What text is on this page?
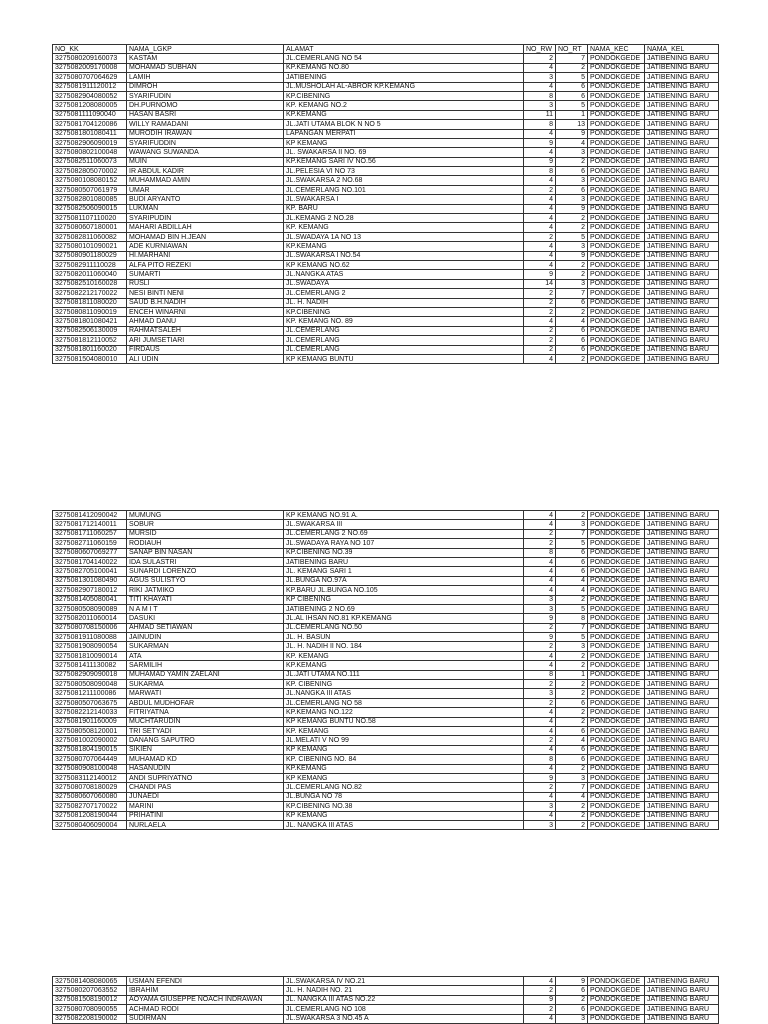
NO_KK	NAMA_LGKP	ALAMAT	NO_RW	NO_RT	NAMA_KEC	NAMA_KEL
3275080209160073	KASTAM	JL.CEMERLANG NO 54	2	7	PONDOKGEDE	JATIBENING BARU
3275082009170008	MOHAMAD SUBHAN	KP.KEMANG NO.80	4	2	PONDOKGEDE	JATIBENING BARU
3275080707064629	LAMIH	JATIBENING	3	5	PONDOKGEDE	JATIBENING BARU
3275081911120012	DIMROH	JL.MUSHOLAH AL-ABROR KP.KEMANG	4	6	PONDOKGEDE	JATIBENING BARU
3275082904080052	SYARIFUDIN	KP.CIBENING	8	6	PONDOKGEDE	JATIBENING BARU
3275081208080005	DH.PURNOMO	KP. KEMANG NO.2	3	5	PONDOKGEDE	JATIBENING BARU
3275081111090040	HASAN BASRI	KP.KEMANG	11	1	PONDOKGEDE	JATIBENING BARU
3275081704120086	WILLY RAMADANI	JL.JATI UTAMA BLOK N NO 5	8	13	PONDOKGEDE	JATIBENING BARU
3275081801080411	MURODIH IRAWAN	LAPANGAN MERPATI	4	9	PONDOKGEDE	JATIBENING BARU
3275082906090019	SYARIFUDDIN	KP KEMANG	9	4	PONDOKGEDE	JATIBENING BARU
3275080802100048	WAWANG SUWANDA	JL. SWAKARSA II NO. 69	4	3	PONDOKGEDE	JATIBENING BARU
3275082511060073	MUIN	KP.KEMANG SARI IV NO.56	9	2	PONDOKGEDE	JATIBENING BARU
3275082805070002	IR ABDUL KADIR	JL.PELESIA VI NO 73	8	6	PONDOKGEDE	JATIBENING BARU
3275080108080152	MUHAMMAD AMIN	JL.SWAKARSA 2 NO.68	4	3	PONDOKGEDE	JATIBENING BARU
3275080507061979	UMAR	JL.CEMERLANG NO.101	2	6	PONDOKGEDE	JATIBENING BARU
3275082801080085	BUDI ARYANTO	JL.SWAKARSA I	4	3	PONDOKGEDE	JATIBENING BARU
3275082506090015	LUKMAN	KP. BARU	4	9	PONDOKGEDE	JATIBENING BARU
3275081107110020	SYARIPUDIN	JL.KEMANG 2 NO.28	4	2	PONDOKGEDE	JATIBENING BARU
3275080607180001	MAHARI ABDILLAH	KP. KEMANG	4	2	PONDOKGEDE	JATIBENING BARU
3275082811060082	MOHAMAD BIN H.JEAN	JL.SWADAYA 1A NO 13	2	5	PONDOKGEDE	JATIBENING BARU
3275080101090021	ADE KURNIAWAN	KP.KEMANG	4	3	PONDOKGEDE	JATIBENING BARU
3275080901180029	HI.MARHANI	JL.SWAKARSA I NO.54	4	9	PONDOKGEDE	JATIBENING BARU
3275082911110028	ALFA PITO REZEKI	KP KEMANG NO.62	4	2	PONDOKGEDE	JATIBENING BARU
3275082011060040	SUMARTI	JL.NANGKA ATAS	9	2	PONDOKGEDE	JATIBENING BARU
3275082510160028	RUSLI	JL.SWADAYA	14	3	PONDOKGEDE	JATIBENING BARU
3275082212170022	NESI BINTI NENI	JL.CEMERLANG 2	2	7	PONDOKGEDE	JATIBENING BARU
3275081811080020	SAUD B.H.NADIH	JL. H. NADIH	2	6	PONDOKGEDE	JATIBENING BARU
3275080811090019	ENCEH WINARNI	KP.CIBENING	2	2	PONDOKGEDE	JATIBENING BARU
3275081801080421	AHMAD DANU	KP. KEMANG NO. 89	4	4	PONDOKGEDE	JATIBENING BARU
3275082506130009	RAHMATSALEH	JL.CEMERLANG	2	6	PONDOKGEDE	JATIBENING BARU
3275081812110052	ARI JUMSETIARI	JL.CEMERLANG	2	6	PONDOKGEDE	JATIBENING BARU
3275081801160020	FIRDAUS	JL.CEMERLANG	2	6	PONDOKGEDE	JATIBENING BARU
3275081504080010	ALI UDIN	KP KEMANG BUNTU	4	2	PONDOKGEDE	JATIBENING BARU
3275081412090042	MUMUNG	KP KEMANG NO.91 A.	4	2	PONDOKGEDE	JATIBENING BARU
3275081712140011	SOBUR	JL.SWAKARSA III	4	3	PONDOKGEDE	JATIBENING BARU
3275081711060257	MURSID	JL.CEMERLANG 2 NO.69	2	7	PONDOKGEDE	JATIBENING BARU
3275082711060159	RODIAUH	JL.SWADAYA RAYA NO 107	2	5	PONDOKGEDE	JATIBENING BARU
3275080607069277	SANAP BIN NASAN	KP.CIBENING NO.39	8	6	PONDOKGEDE	JATIBENING BARU
3275081704140022	IDA SULASTRI	JATIBENING BARU	4	6	PONDOKGEDE	JATIBENING BARU
3275082705100041	SUNARDI LORENZO	JL. KEMANG SARI 1	4	6	PONDOKGEDE	JATIBENING BARU
3275081301080490	AGUS SULISTYO	JL.BUNGA NO.97A	4	4	PONDOKGEDE	JATIBENING BARU
3275082907180012	RIKI JATMIKO	KP.BARU JL.BUNGA NO.105	4	4	PONDOKGEDE	JATIBENING BARU
3275081405080041	TITI KHAYATI	KP CIBENING	3	2	PONDOKGEDE	JATIBENING BARU
3275080508090089	N A M I T	JATIBENING 2 NO.69	3	5	PONDOKGEDE	JATIBENING BARU
3275082011060014	DASUKI	JL.AL IHSAN NO.81 KP.KEMANG	9	8	PONDOKGEDE	JATIBENING BARU
3275080708150006	AHMAD SETIAWAN	JL.CEMERLANG NO.50	2	7	PONDOKGEDE	JATIBENING BARU
3275081911080088	JAINUDIN	JL. H. BASUN	9	5	PONDOKGEDE	JATIBENING BARU
3275081908090054	SUKARMAN	JL. H. NADIH II NO. 184	2	3	PONDOKGEDE	JATIBENING BARU
3275081810090014	ATA	KP. KEMANG	4	2	PONDOKGEDE	JATIBENING BARU
3275081411130082	SARMILIH	KP.KEMANG	4	2	PONDOKGEDE	JATIBENING BARU
3275082909090018	MUHAMAD YAMIN ZAELANI	JL.JATI UTAMA NO.111	8	1	PONDOKGEDE	JATIBENING BARU
3275080508090048	SUKARMA	KP. CIBENING	2	2	PONDOKGEDE	JATIBENING BARU
3275081211100086	MARWATI	JL.NANGKA III ATAS	3	2	PONDOKGEDE	JATIBENING BARU
3275080507063675	ABDUL MUDHOFAR	JL.CEMERLANG NO 58	2	6	PONDOKGEDE	JATIBENING BARU
3275082212140033	FITRIYATNA	KP.KEMANG NO.122	4	2	PONDOKGEDE	JATIBENING BARU
3275081901160009	MUCHTARUDIN	KP KEMANG BUNTU NO.58	4	2	PONDOKGEDE	JATIBENING BARU
3275080508120001	TRI SETYADI	KP. KEMANG	4	6	PONDOKGEDE	JATIBENING BARU
3275081002090002	DANANG SAPUTRO	JL.MELATI V NO 99	2	4	PONDOKGEDE	JATIBENING BARU
3275081804190015	SIKIEN	KP KEMANG	4	6	PONDOKGEDE	JATIBENING BARU
3275080707064449	MUHAMAD KD	KP. CIBENING NO. 84	8	6	PONDOKGEDE	JATIBENING BARU
3275080908100048	HASANUDIN	KP.KEMANG	4	2	PONDOKGEDE	JATIBENING BARU
3275083112140012	ANDI SUPRIYATNO	KP KEMANG	9	3	PONDOKGEDE	JATIBENING BARU
3275080708180029	CHANDI PAS	JL.CEMERLANG NO.82	2	7	PONDOKGEDE	JATIBENING BARU
3275080607060080	JUNAEDI	JL.BUNGA NO 78	4	4	PONDOKGEDE	JATIBENING BARU
3275082707170022	MARINI	KP.CIBENING NO.38	3	2	PONDOKGEDE	JATIBENING BARU
3275081208190044	PRIHATINI	KP KEMANG	4	2	PONDOKGEDE	JATIBENING BARU
3275080406090004	NURLAELA	JL. NANGKA III ATAS	3	2	PONDOKGEDE	JATIBENING BARU
3275081408080065	USMAN EFENDI	JL.SWAKARSA IV NO.21	4	9	PONDOKGEDE	JATIBENING BARU
3275080207063552	IBRAHIM	JL. H. NADIH NO. 21	2	6	PONDOKGEDE	JATIBENING BARU
3275081508190012	AOYAMA GIUSEPPE NOACH INDRAWAN	JL. NANGKA III ATAS NO.22	9	2	PONDOKGEDE	JATIBENING BARU
3275080708090055	ACHMAD RODI	JL.CEMERLANG NO 108	2	6	PONDOKGEDE	JATIBENING BARU
3275082208190002	SUDIRMAN	JL.SWAKARSA 3 NO.45 A	4	3	PONDOKGEDE	JATIBENING BARU
